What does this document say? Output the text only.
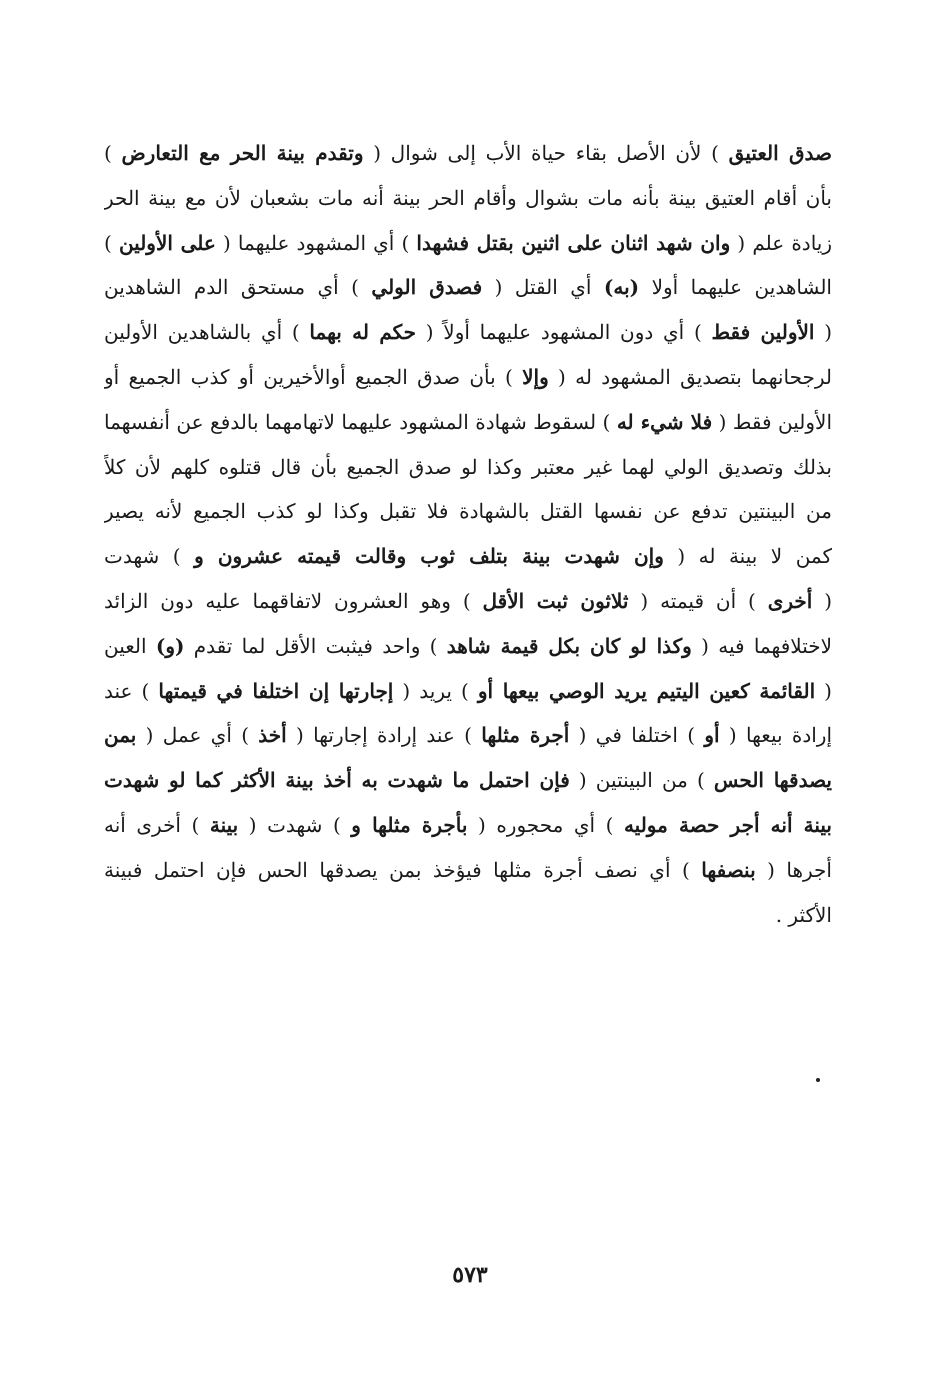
صدق العتيق ) لأن الأصل بقاء حياة الأب إلى شوال ( وتقدم بينة الحر مع التعارض )
بأن أقام العتيق بينة بأنه مات بشوال وأقام الحر بينة أنه مات بشعبان لأن مع بينة الحر
زيادة علم ( وان شهد اثنان على اثنين بقتل فشهدا ) أي المشهود عليهما ( على الأولين )
الشاهدين عليهما أولا (به) أي القتل ( فصدق الولي ) أي مستحق الدم الشاهدين
( الأولين فقط ) أي دون المشهود عليهما أولاً ( حكم له بهما ) أي بالشاهدين الأولين
لرجحانهما بتصديق المشهود له ( وإلا ) بأن صدق الجميع أوالأخيرين أو كذب الجميع أو
الأولين فقط ( فلا شيء له ) لسقوط شهادة المشهود عليهما لاتهامهما بالدفع عن أنفسهما
بذلك وتصديق الولي لهما غير معتبر وكذا لو صدق الجميع بأن قال قتلوه كلهم لأن كلاً
من البينتين تدفع عن نفسها القتل بالشهادة فلا تقبل وكذا لو كذب الجميع لأنه يصير
كمن لا بينة له ( وإن شهدت بينة بتلف ثوب وقالت قيمته عشرون و ) شهدت
( أخرى ) أن قيمته ( ثلاثون ثبت الأقل ) وهو العشرون لاتفاقهما عليه دون الزائد
لاختلافهما فيه ( وكذا لو كان بكل قيمة شاهد ) واحد فيثبت الأقل لما تقدم (و) العين
( القائمة كعين اليتيم يريد الوصي بيعها أو ) يريد ( إجارتها إن اختلفا في قيمتها ) عند
إرادة بيعها ( أو ) اختلفا في ( أجرة مثلها ) عند إرادة إجارتها ( أخذ ) أي عمل ( بمن
يصدقها الحس ) من البينتين ( فإن احتمل ما شهدت به أخذ بينة الأكثر كما لو شهدت
بينة أنه أجر حصة موليه ) أي محجوره ( بأجرة مثلها و ) شهدت ( بينة ) أخرى أنه
أجرها ( بنصفها ) أي نصف أجرة مثلها فيؤخذ بمن يصدقها الحس فإن احتمل فبينة
الأكثر .
٥٧٣
